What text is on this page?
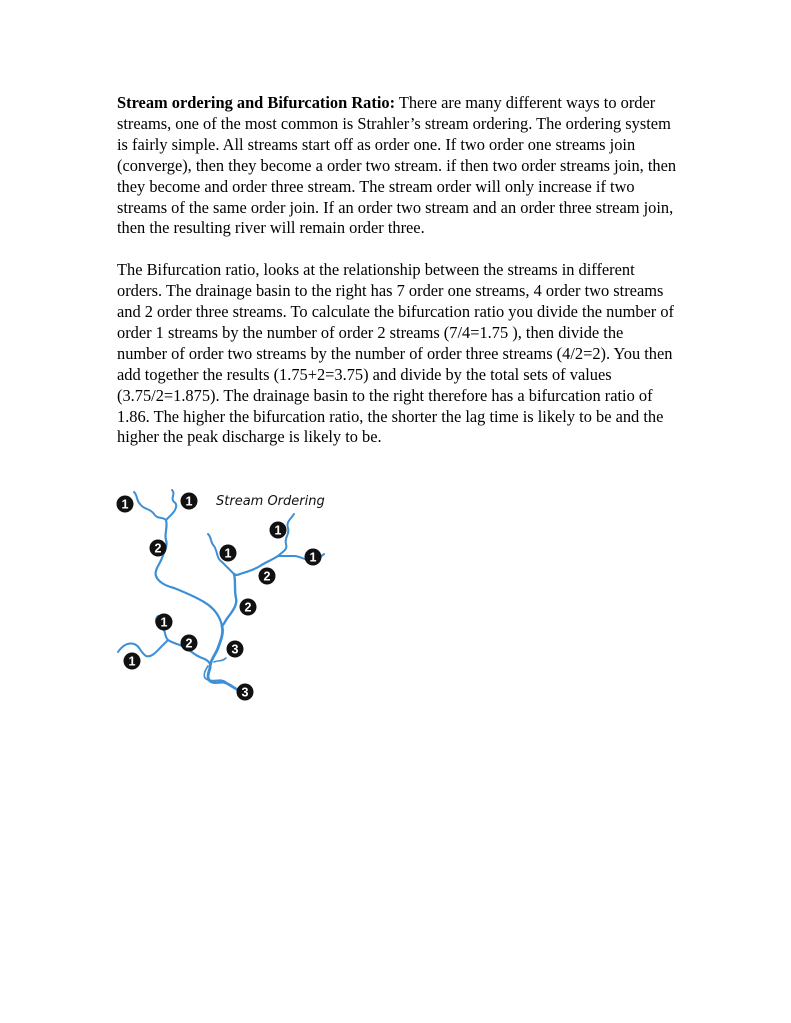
Stream ordering and Bifurcation Ratio: There are many different ways to order streams, one of the most common is Strahler’s stream ordering. The ordering system is fairly simple. All streams start off as order one. If two order one streams join (converge), then they become a order two stream. if then two order streams join, then they become and order three stream. The stream order will only increase if two streams of the same order join. If an order two stream and an order three stream join, then the resulting river will remain order three.

The Bifurcation ratio, looks at the relationship between the streams in different orders. The drainage basin to the right has 7 order one streams, 4 order two streams and 2 order three streams. To calculate the bifurcation ratio you divide the number of order 1 streams by the number of order 2 streams (7/4=1.75 ), then divide the number of order two streams by the number of order three streams (4/2=2). You then add together the results (1.75+2=3.75) and divide by the total sets of values (3.75/2=1.875). The drainage basin to the right therefore has a bifurcation ratio of 1.86. The higher the bifurcation ratio, the shorter the lag time is likely to be and the higher the peak discharge is likely to be.

Stream Ordering
1	1
2
1
1	1
2
2
1
2	3
1
3
